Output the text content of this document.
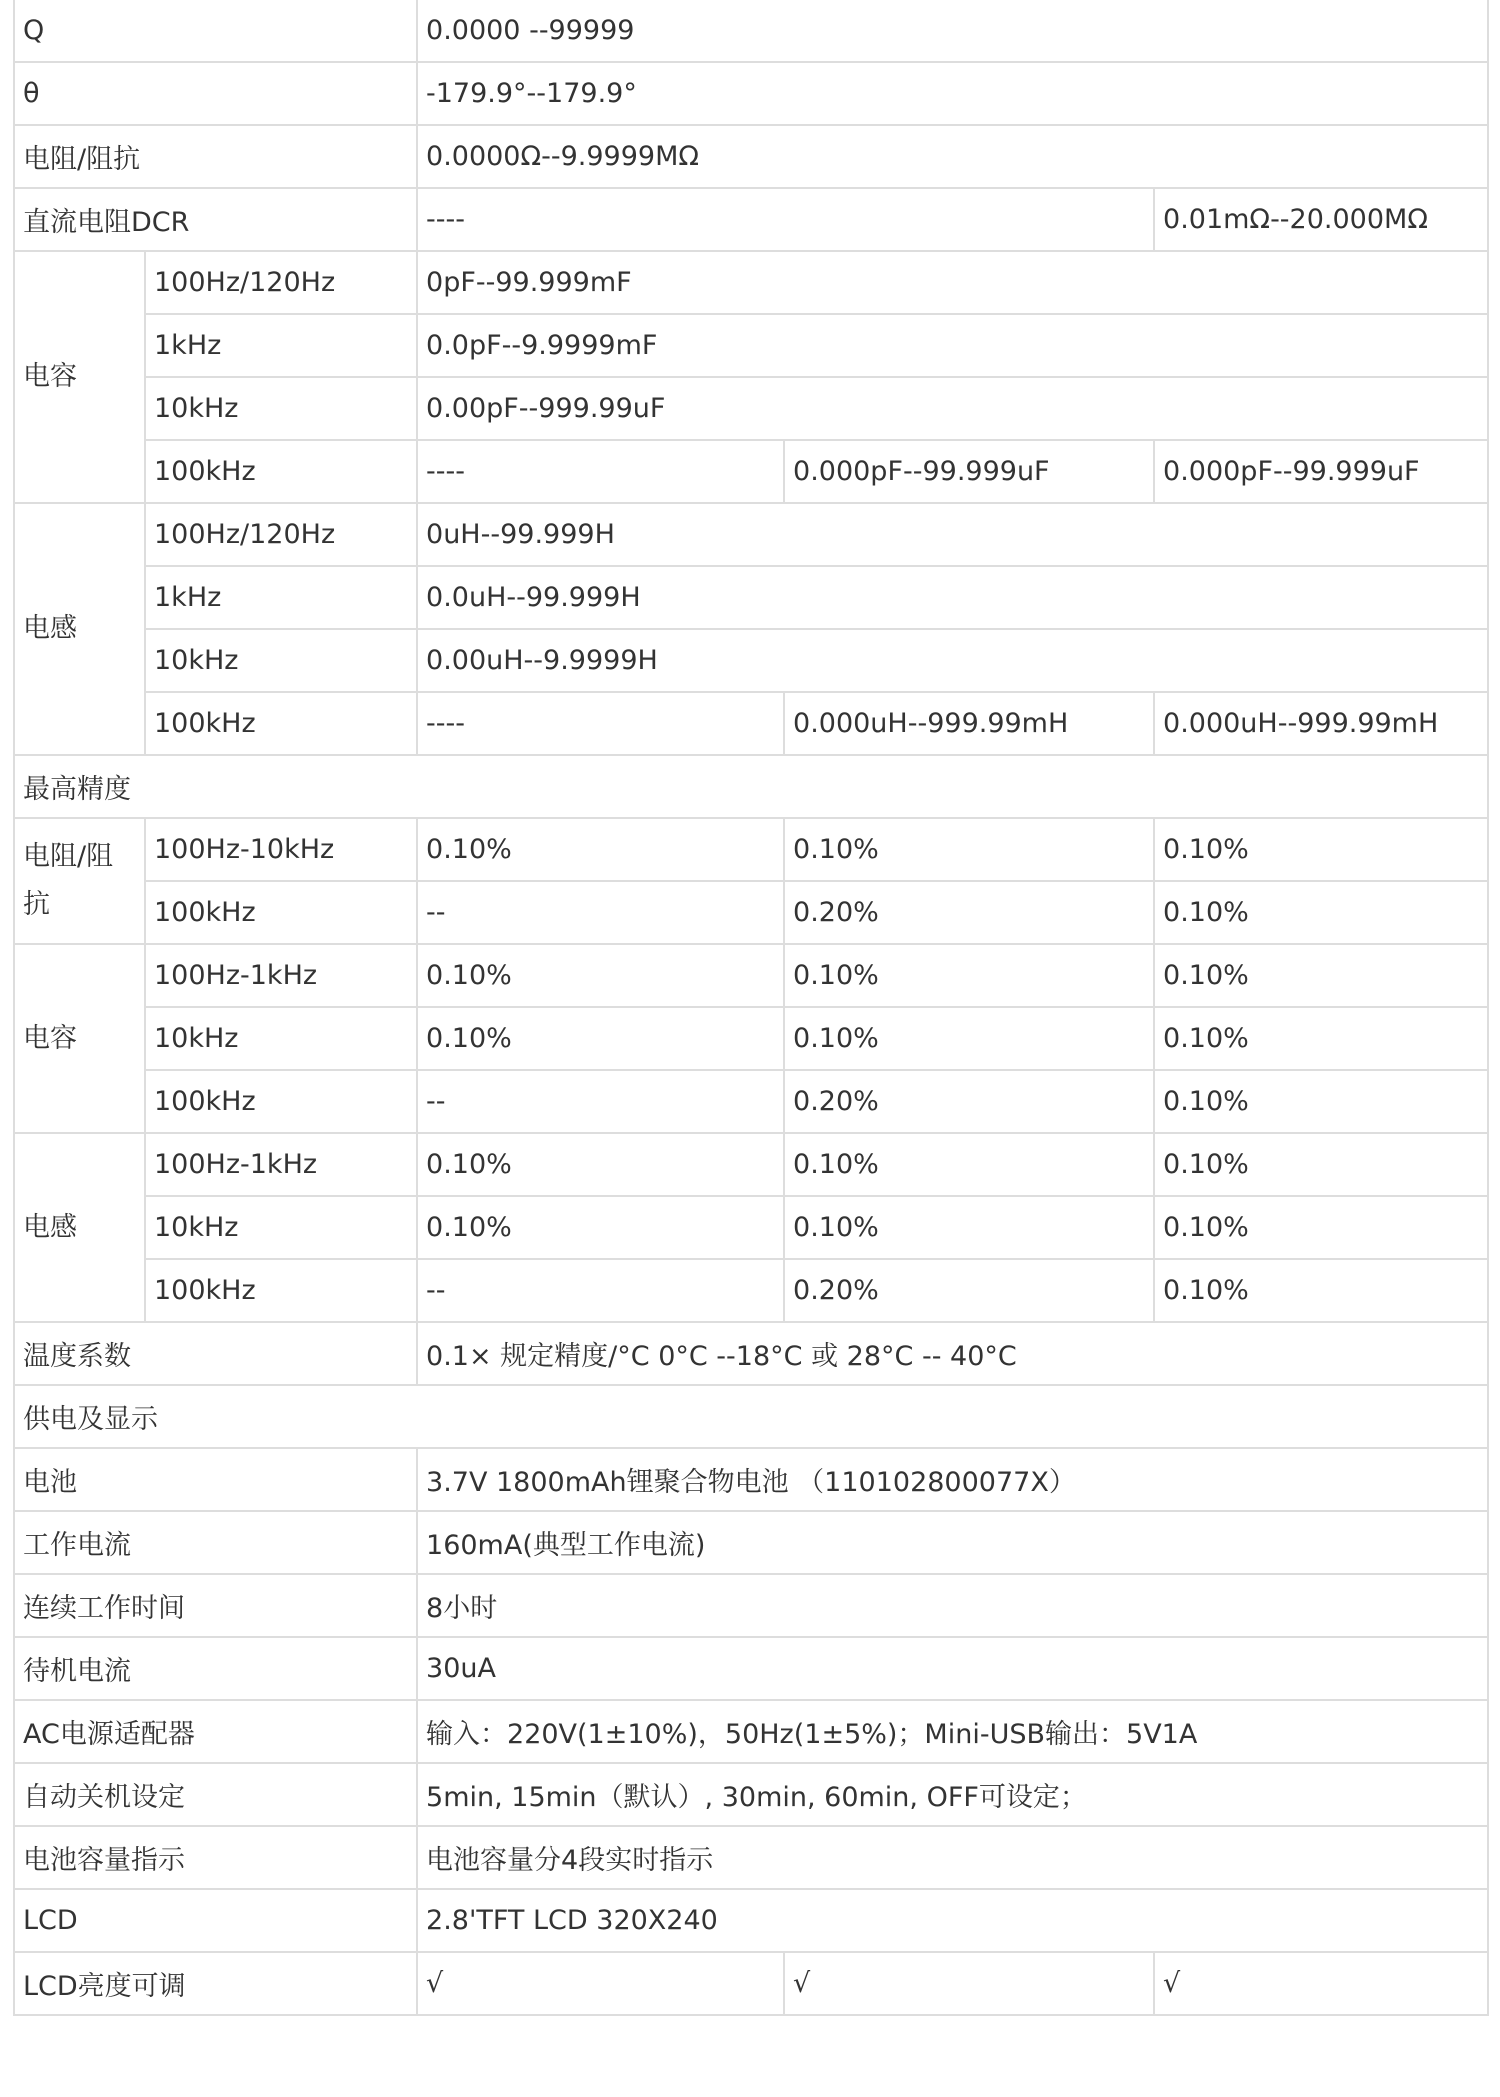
Q		0.0000 --99999		
θ		-179.9°--179.9°		
电阻/阻抗		0.0000Ω--9.9999MΩ		
直流电阻DCR		----		0.01mΩ--20.000MΩ
电容	100Hz/120Hz	0pF--99.999mF		
	1kHz	0.0pF--9.9999mF		
	10kHz	0.00pF--999.99uF		
	100kHz	----	0.000pF--99.999uF	0.000pF--99.999uF
电感	100Hz/120Hz	0uH--99.999H		
	1kHz	0.0uH--99.999H		
	10kHz	0.00uH--9.9999H		
	100kHz	----	0.000uH--999.99mH	0.000uH--999.99mH
最高精度				
电阻/阻抗	100Hz-10kHz	0.10%	0.10%	0.10%
	100kHz	--	0.20%	0.10%
电容	100Hz-1kHz	0.10%	0.10%	0.10%
	10kHz	0.10%	0.10%	0.10%
	100kHz	--	0.20%	0.10%
电感	100Hz-1kHz	0.10%	0.10%	0.10%
	10kHz	0.10%	0.10%	0.10%
	100kHz	--	0.20%	0.10%
温度系数		0.1× 规定精度/°C 0°C --18°C 或 28°C -- 40°C		
供电及显示				
电池		3.7V 1800mAh锂聚合物电池 （110102800077X）		
工作电流		160mA(典型工作电流)		
连续工作时间		8小时		
待机电流		30uA		
AC电源适配器		输入：220V(1±10%)，50Hz(1±5%)；Mini-USB输出：5V1A		
自动关机设定		5min, 15min（默认）, 30min, 60min, OFF可设定；		
电池容量指示		电池容量分4段实时指示		
LCD		2.8'TFT LCD 320X240		
LCD亮度可调		√	√	√
